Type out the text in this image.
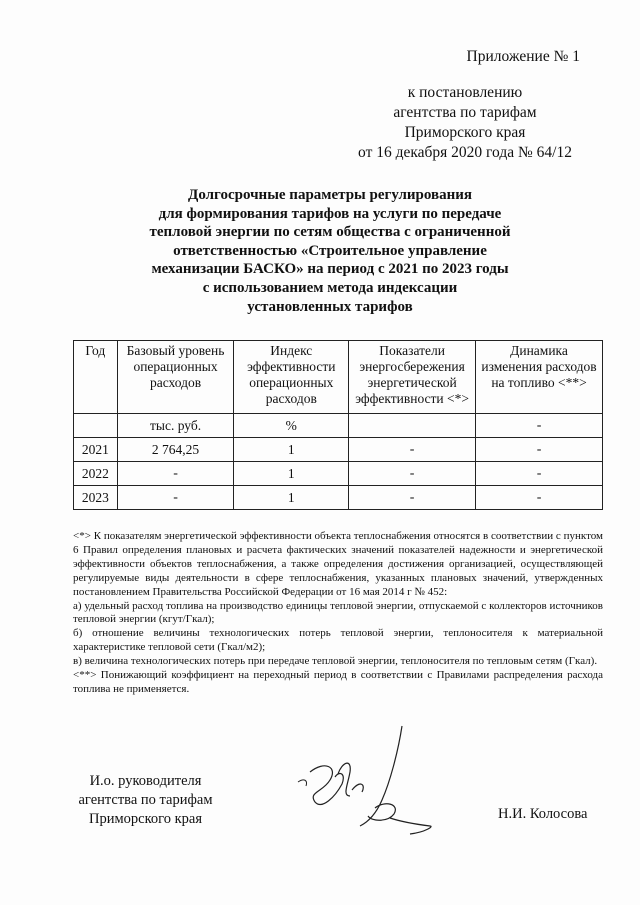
Приложение № 1
к постановлению
агентства по тарифам
Приморского края
от 16 декабря 2020 года № 64/12
Долгосрочные параметры регулирования
для формирования тарифов на услуги по передаче
тепловой энергии по сетям общества с ограниченной
ответственностью «Строительное управление
механизации БАСКО» на период с 2021 по 2023 годы
с использованием метода индексации
установленных тарифов
Год	Базовый уровень операционных расходов	Индекс эффективности операционных расходов	Показатели энергосбережения энергетической эффективности <*>	Динамика изменения расходов на топливо <**>
	тыс. руб.	%		-
2021	2 764,25	1	-	-
2022	-	1	-	-
2023	-	1	-	-

<*> К показателям энергетической эффективности объекта теплоснабжения относятся в соответствии с пунктом 6 Правил определения плановых и расчета фактических значений показателей надежности и энергетической эффективности объектов теплоснабжения, а также определения достижения организацией, осуществляющей регулируемые виды деятельности в сфере теплоснабжения, указанных плановых значений, утвержденных постановлением Правительства Российской Федерации от 16 мая 2014 г № 452:

а) удельный расход топлива на производство единицы тепловой энергии, отпускаемой с коллекторов источников тепловой энергии (кгут/Гкал);

б) отношение величины технологических потерь тепловой энергии, теплоносителя к материальной характеристике тепловой сети (Гкал/м2);

в) величина технологических потерь при передаче тепловой энергии, теплоносителя по тепловым сетям (Гкал).

<**> Понижающий коэффициент на переходный период в соответствии с Правилами распределения расхода топлива не применяется.

И.о. руководителя
агентства по тарифам
Приморского края	Н.И. Колосова
